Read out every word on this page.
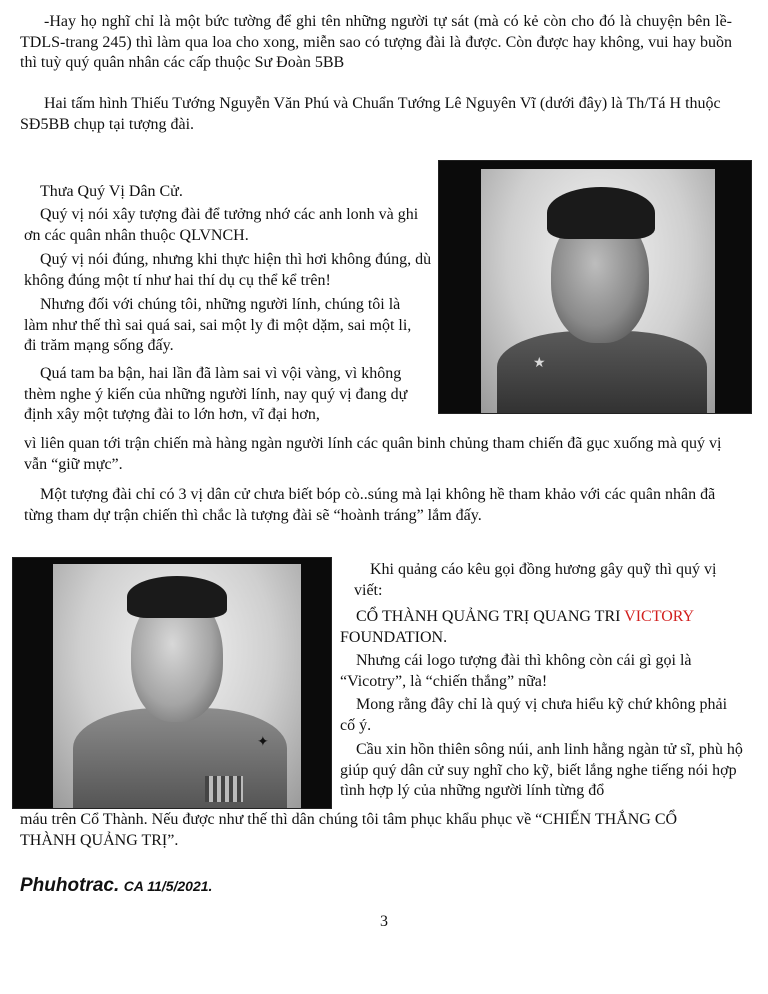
-Hay họ nghĩ chỉ là một bức tường để ghi tên những người tự sát (mà có kẻ còn cho đó là chuyện bên lề-TDLS-trang 245) thì làm qua loa cho xong, miễn sao có tượng đài là được. Còn được hay không, vui hay buồn thì tuỳ quý quân nhân các cấp thuộc Sư Đoàn 5BB

Hai tấm hình Thiếu Tướng Nguyễn Văn Phú và Chuẩn Tướng Lê Nguyên Vĩ (dưới đây) là Th/Tá H thuộc SĐ5BB chụp tại tượng đài.

★

Thưa Quý Vị Dân Cử.

Quý vị nói xây tượng đài để tưởng nhớ các anh lonh và ghi ơn các quân nhân thuộc QLVNCH.

Quý vị nói đúng, nhưng khi thực hiện thì hơi không đúng, dù không đúng một tí như hai thí dụ cụ thể kể trên!

Nhưng đối với chúng tôi, những người lính, chúng tôi là làm như thế thì sai quá sai, sai một ly đi một dặm, sai một li, đi trăm mạng sống đấy.

Quá tam ba bận, hai lần đã làm sai vì vội vàng, vì không thèm nghe ý kiến của những người lính, nay quý vị đang dự định xây một tượng đài to lớn hơn, vĩ đại hơn,

vì liên quan tới trận chiến mà hàng ngàn người lính các quân binh chủng tham chiến đã gục xuống mà quý vị vẫn “giữ mực”.

Một tượng đài chỉ có 3 vị dân cử chưa biết bóp cò..súng mà lại không hề tham khảo với các quân nhân đã từng tham dự trận chiến thì chắc là tượng đài sẽ “hoành tráng” lắm đấy.

✦

Khi quảng cáo kêu gọi đồng hương gây quỹ thì quý vị viết:

CỔ THÀNH QUẢNG TRỊ QUANG TRI VICTORY FOUNDATION.

Nhưng cái logo tượng đài thì không còn cái gì gọi là “Vicotry”, là “chiến thắng” nữa!

Mong rằng đây chỉ là quý vị chưa hiểu kỹ chứ không phải cố ý.

Cầu xin hồn thiên sông núi, anh linh hằng ngàn tử sĩ, phù hộ giúp quý dân cử suy nghĩ cho kỹ, biết lắng nghe tiếng nói hợp tình hợp lý của những người lính từng đổ

máu trên Cổ Thành. Nếu được như thế thì dân chúng tôi tâm phục khẩu phục về “CHIẾN THẮNG CỔ THÀNH QUẢNG TRỊ”.

Phuhotrac. CA 11/5/2021.
3
